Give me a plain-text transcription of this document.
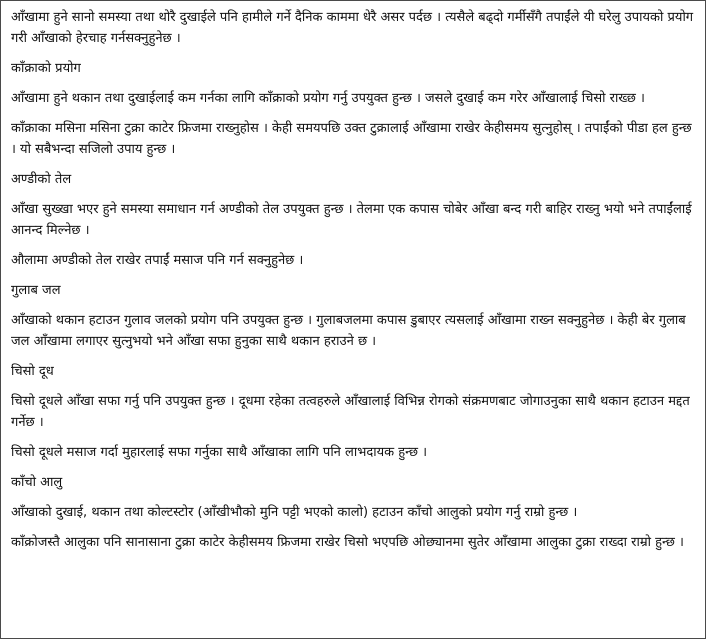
आँखामा हुने सानो समस्या तथा थोरै दुखाईले पनि हामीले गर्ने दैनिक काममा धेरै असर पर्दछ । त्यसैले बढ्दो गर्मीसँगै तपाईंले यी घरेलु उपायको प्रयोग गरी आँखाको हेरचाह गर्नसक्नुहुनेछ ।

काँक्राको प्रयोग

आँखामा हुने थकान तथा दुखाईलाई कम गर्नका लागि काँक्राको प्रयोग गर्नु उपयुक्त हुन्छ । जसले दुखाई कम गरेर आँखालाई चिसो राख्छ ।

काँक्राका मसिना मसिना टुक्रा काटेर फ्रिजमा राख्नुहोस । केही समयपछि उक्त टुक्रालाई आँखामा राखेर केहीसमय सुत्नुहोस् । तपाईंको पीडा हल हुन्छ । यो सबैभन्दा सजिलो उपाय हुन्छ ।

अण्डीको तेल

आँखा सुख्खा भएर हुने समस्या समाधान गर्न अण्डीको तेल उपयुक्त हुन्छ । तेलमा एक कपास चोबेर आँखा बन्द गरी बाहिर राख्नु भयो भने तपाईंलाई आनन्द मिल्नेछ ।

औलामा अण्डीको तेल राखेर तपाईं मसाज पनि गर्न सक्नुहुनेछ ।

गुलाब जल

आँखाको थकान हटाउन गुलाव जलको प्रयोग पनि उपयुक्त हुन्छ । गुलाबजलमा कपास डुबाएर त्यसलाई आँखामा राख्न सक्नुहुनेछ । केही बेर गुलाब जल आँखामा लगाएर सुत्नुभयो भने आँखा सफा हुनुका साथै थकान हराउने छ ।

चिसो दूध

चिसो दूधले आँखा सफा गर्नु पनि उपयुक्त हुन्छ । दूधमा रहेका तत्वहरुले आँखालाई विभिन्न रोगको संक्रमणबाट जोगाउनुका साथै थकान हटाउन मद्दत गर्नेछ ।

चिसो दूधले मसाज गर्दा मुहारलाई सफा गर्नुका साथै आँखाका लागि पनि लाभदायक हुन्छ ।

काँचो आलु

आँखाको दुखाई, थकान तथा कोल्टस्टोर (आँखीभौको मुनि पट्टी भएको कालो) हटाउन काँचो आलुको प्रयोग गर्नु राम्रो हुन्छ ।

काँक्रोजस्तै आलुका पनि सानासाना टुक्रा काटेर केहीसमय फ्रिजमा राखेर चिसो भएपछि ओछ्यानमा सुतेर आँखामा आलुका टुक्रा राख्दा राम्रो हुन्छ ।
